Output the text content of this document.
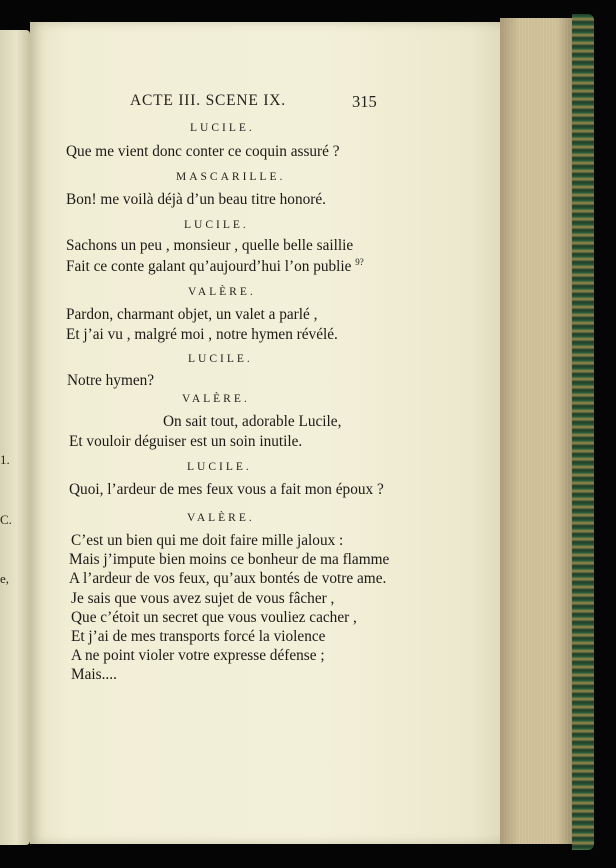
1.
C.
e,
ACTE III. SCENE IX.	315
LUCILE.
Que me vient donc conter ce coquin assuré ?
MASCARILLE.
Bon! me voilà déjà d’un beau titre honoré.
LUCILE.
Sachons un peu , monsieur , quelle belle saillie
Fait ce conte galant qu’aujourd’hui l’on publie $^{9?}$
VALÈRE.
Pardon, charmant objet, un valet a parlé ,
Et j’ai vu , malgré moi , notre hymen révélé.
LUCILE.
Notre hymen?
VALÈRE.
On sait tout, adorable Lucile,
Et vouloir déguiser est un soin inutile.
LUCILE.
Quoi, l’ardeur de mes feux vous a fait mon époux ?
VALÈRE.
C’est un bien qui me doit faire mille jaloux :
Mais j’impute bien moins ce bonheur de ma flamme
A l’ardeur de vos feux, qu’aux bontés de votre ame.
Je sais que vous avez sujet de vous fâcher ,
Que c’étoit un secret que vous vouliez cacher ,
Et j’ai de mes transports forcé la violence
A ne point violer votre expresse défense ;
Mais....
